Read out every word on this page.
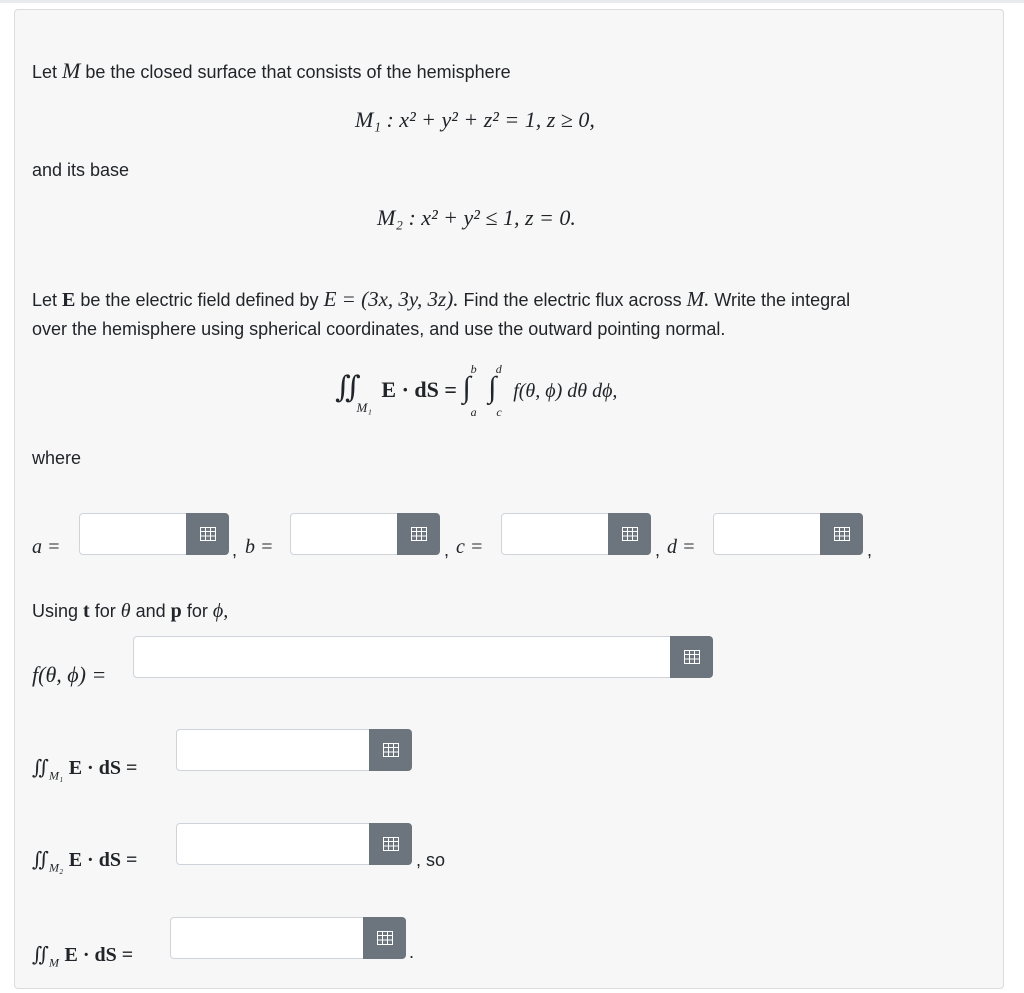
Let M be the closed surface that consists of the hemisphere
M₁ : x² + y² + z² = 1, z ≥ 0,
and its base
M₂ : x² + y² ≤ 1, z = 0.
Let E be the electric field defined by E = (3x, 3y, 3z). Find the electric flux across M. Write the integral
over the hemisphere using spherical coordinates, and use the outward pointing normal.
$∬_{M_1}$ E · dS = $\int_a^b$ $\int_c^d$ f(θ, ϕ) dθ dϕ,
where
a =	, b =	, c =	, d =	,
Using t for θ and p for ϕ,
f(θ, ϕ) =
$∬_{M_1}$ E · dS =
$∬_{M_2}$ E · dS =	, so
$∬_M$ E · dS =	.
